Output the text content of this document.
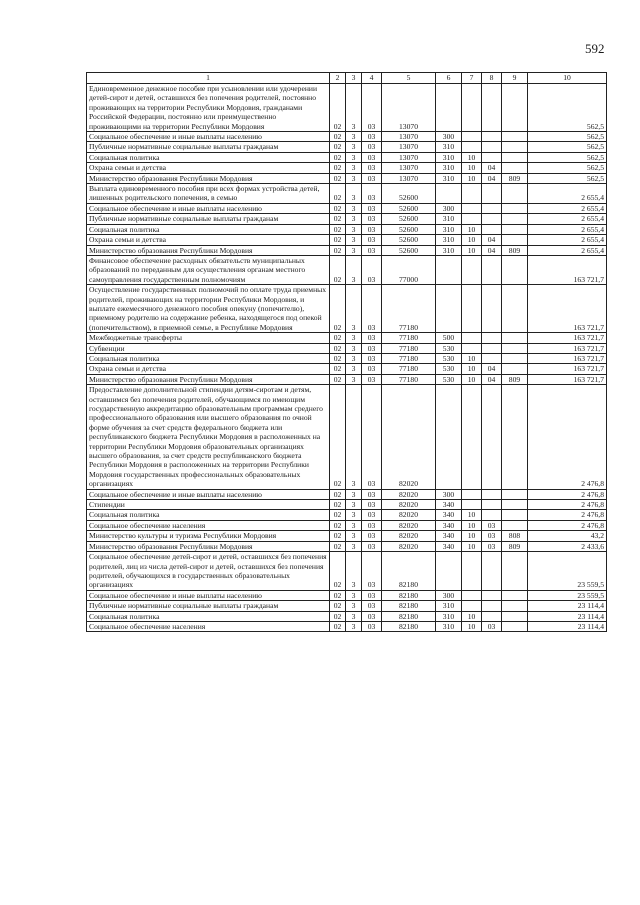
592
1	2	3	4	5	6	7	8	9	10
Единовременное денежное пособие при усыновлении или удочерении детей-сирот и детей, оставшихся без попечения родителей, постоянно проживающих на территории Республики Мордовия, гражданами Российской Федерации, постоянно или преимущественно проживающими на территории Республики Мордовия	02	3	03	13070					562,5
Социальное обеспечение и иные выплаты населению	02	3	03	13070	300				562,5
Публичные нормативные социальные выплаты гражданам	02	3	03	13070	310				562,5
Социальная политика	02	3	03	13070	310	10			562,5
Охрана семьи и детства	02	3	03	13070	310	10	04		562,5
Министерство образования Республики Мордовия	02	3	03	13070	310	10	04	809	562,5
Выплата единовременного пособия при всех формах устройства детей, лишенных родительского попечения, в семью	02	3	03	52600					2 655,4
Социальное обеспечение и иные выплаты населению	02	3	03	52600	300				2 655,4
Публичные нормативные социальные выплаты гражданам	02	3	03	52600	310				2 655,4
Социальная политика	02	3	03	52600	310	10			2 655,4
Охрана семьи и детства	02	3	03	52600	310	10	04		2 655,4
Министерство образования Республики Мордовия	02	3	03	52600	310	10	04	809	2 655,4
Финансовое обеспечение расходных обязательств муниципальных образований по переданным для осуществления органам местного самоуправления государственным полномочиям	02	3	03	77000					163 721,7
Осуществление государственных полномочий по оплате труда приемных родителей, проживающих на территории Республики Мордовия, и выплате ежемесячного денежного пособия опекуну (попечителю), приемному родителю на содержание ребенка, находящегося под опекой (попечительством), в приемной семье, в Республике Мордовия	02	3	03	77180					163 721,7
Межбюджетные трансферты	02	3	03	77180	500				163 721,7
Субвенции	02	3	03	77180	530				163 721,7
Социальная политика	02	3	03	77180	530	10			163 721,7
Охрана семьи и детства	02	3	03	77180	530	10	04		163 721,7
Министерство образования Республики Мордовия	02	3	03	77180	530	10	04	809	163 721,7
Предоставление дополнительной стипендии детям-сиротам и детям, оставшимся без попечения родителей, обучающимся по имеющим государственную аккредитацию образовательным программам среднего профессионального образования или высшего образования по очной форме обучения за счет средств федерального бюджета или республиканского бюджета Республики Мордовия в расположенных на территории Республики Мордовия образовательных организациях высшего образования, за счет средств республиканского бюджета Республики Мордовия в расположенных на территории Республики Мордовия государственных профессиональных образовательных организациях	02	3	03	82020					2 476,8
Социальное обеспечение и иные выплаты населению	02	3	03	82020	300				2 476,8
Стипендии	02	3	03	82020	340				2 476,8
Социальная политика	02	3	03	82020	340	10			2 476,8
Социальное обеспечение населения	02	3	03	82020	340	10	03		2 476,8
Министерство культуры и туризма Республики Мордовия	02	3	03	82020	340	10	03	808	43,2
Министерство образования Республики Мордовия	02	3	03	82020	340	10	03	809	2 433,6
Социальное обеспечение детей-сирот и детей, оставшихся без попечения родителей, лиц из числа детей-сирот и детей, оставшихся без попечения родителей, обучающихся в государственных образовательных организациях	02	3	03	82180					23 559,5
Социальное обеспечение и иные выплаты населению	02	3	03	82180	300				23 559,5
Публичные нормативные социальные выплаты гражданам	02	3	03	82180	310				23 114,4
Социальная политика	02	3	03	82180	310	10			23 114,4
Социальное обеспечение населения	02	3	03	82180	310	10	03		23 114,4
